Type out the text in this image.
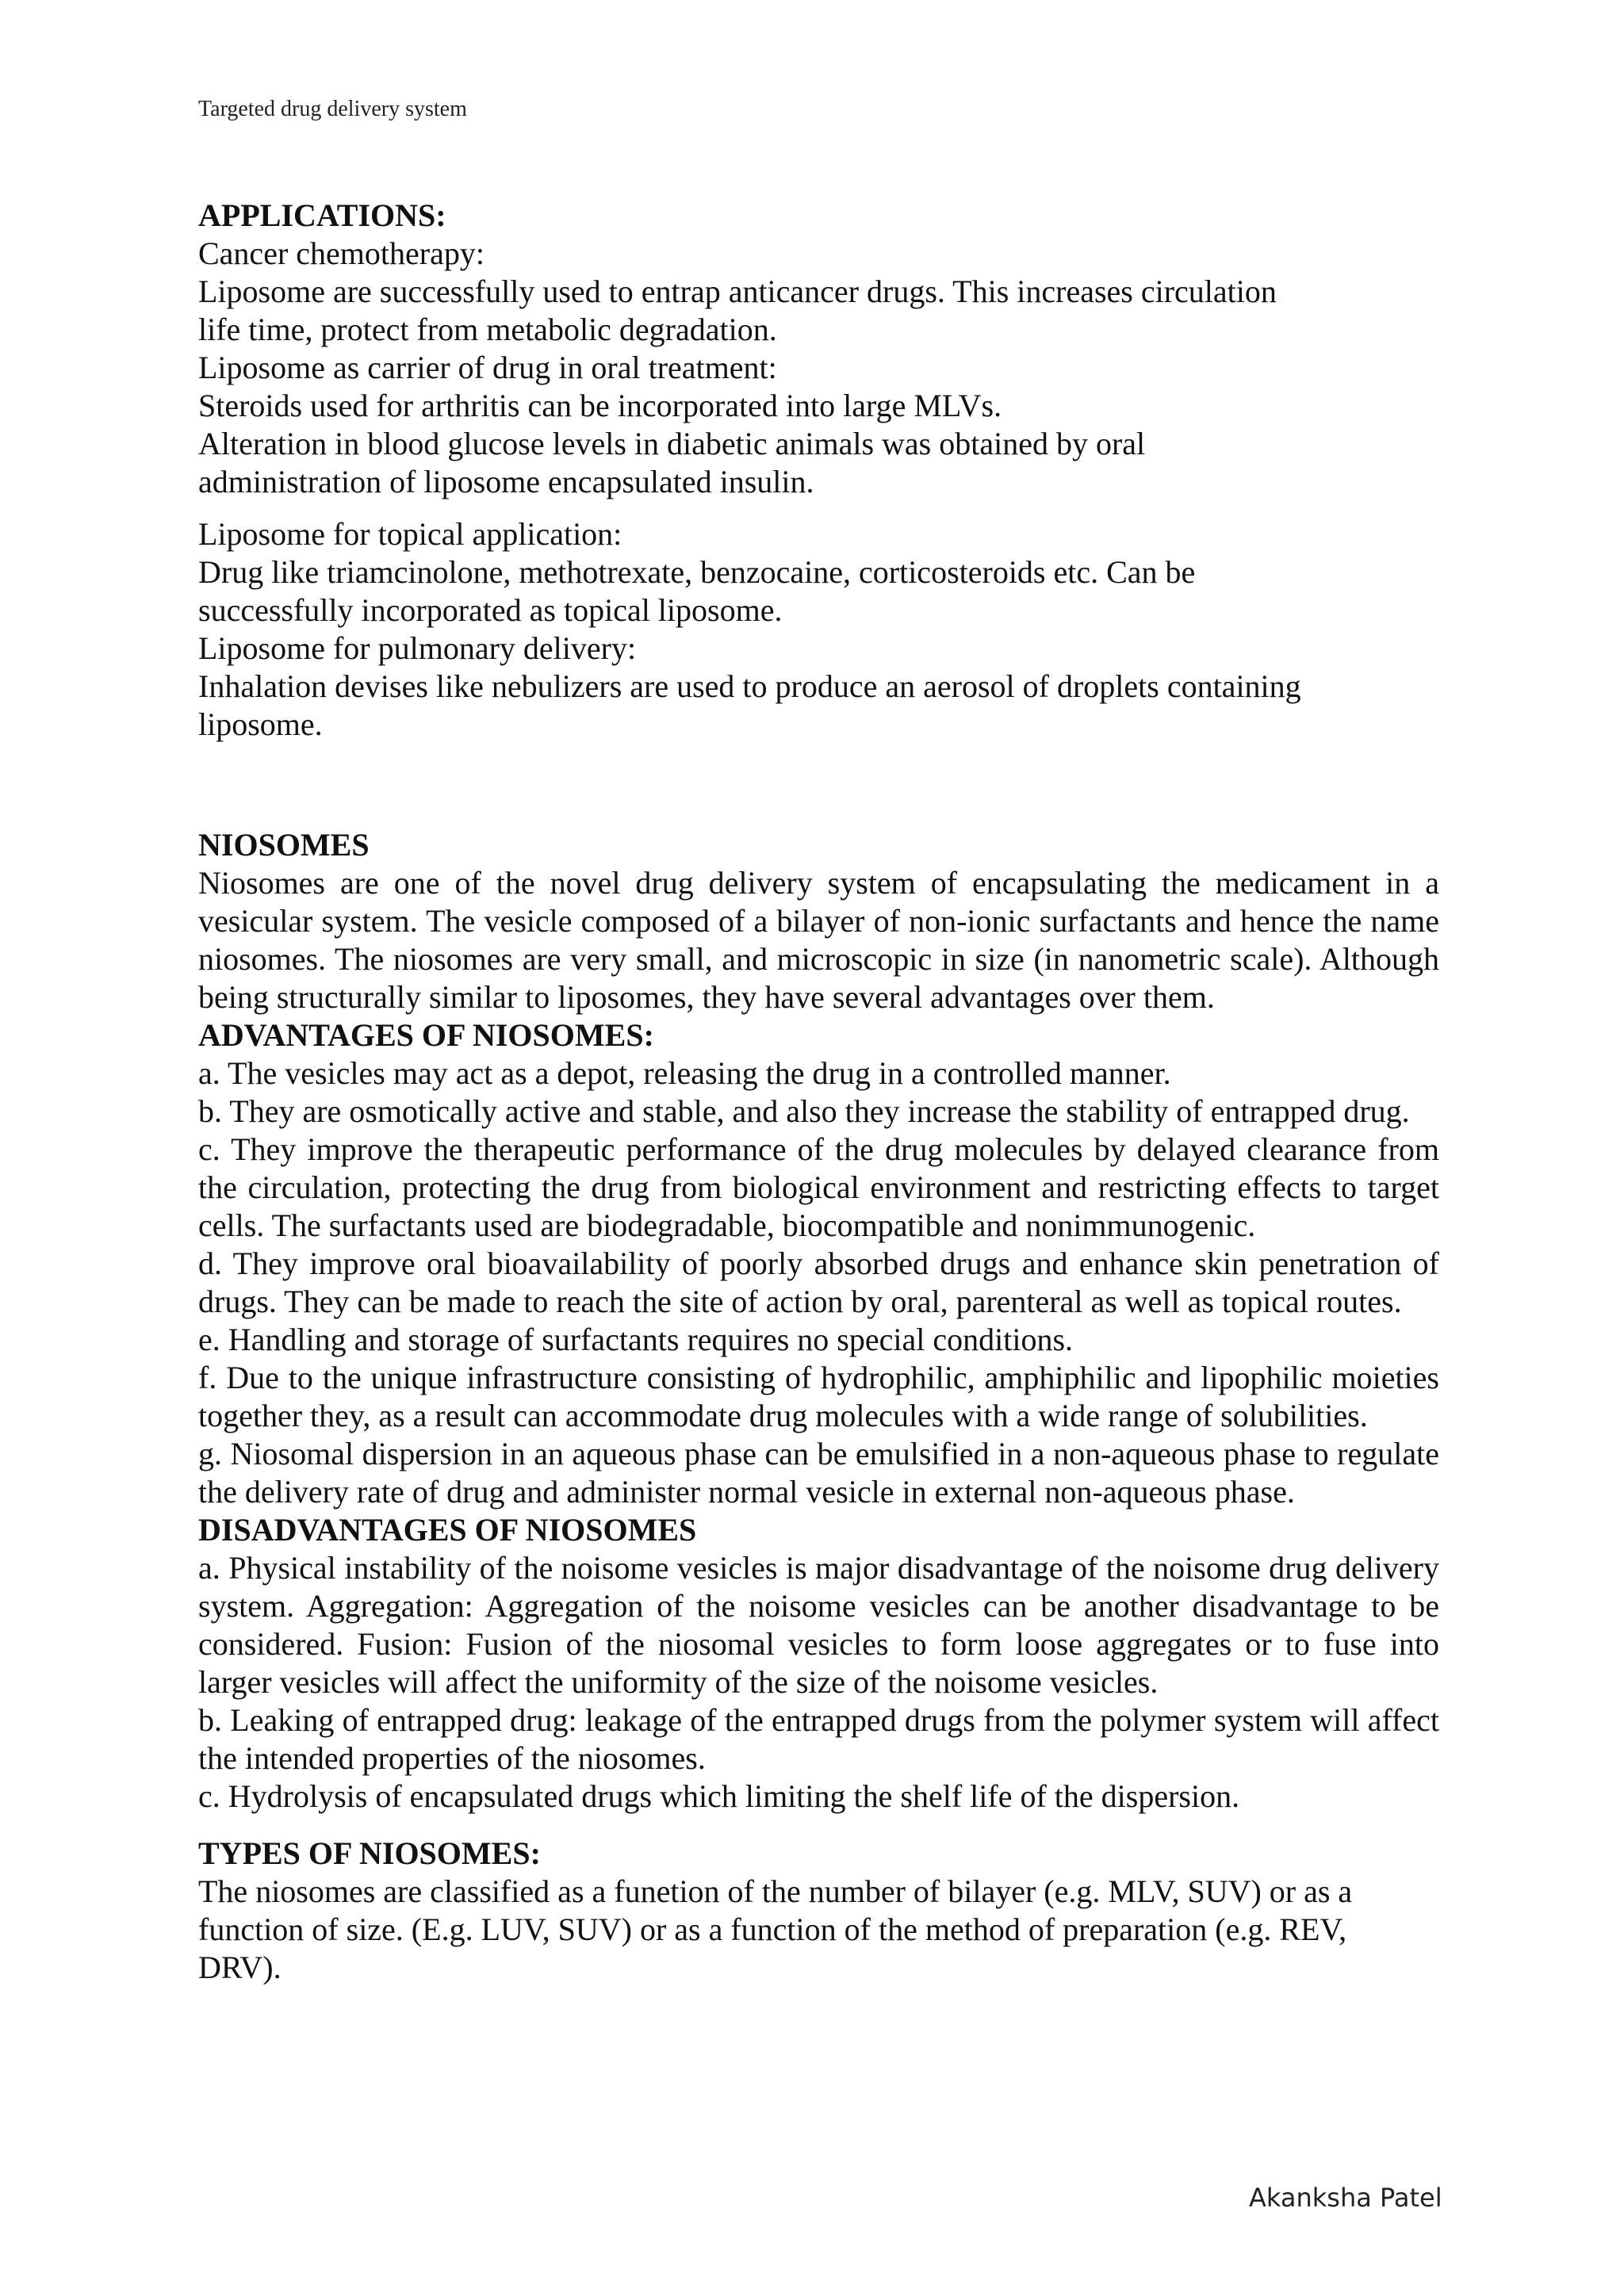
Targeted drug delivery system

APPLICATIONS:

Cancer chemotherapy:

Liposome are successfully used to entrap anticancer drugs. This increases circulation

life time, protect from metabolic degradation.

Liposome as carrier of drug in oral treatment:

Steroids used for arthritis can be incorporated into large MLVs.

Alteration in blood glucose levels in diabetic animals was obtained by oral

administration of liposome encapsulated insulin.

Liposome for topical application:

Drug like triamcinolone, methotrexate, benzocaine, corticosteroids etc. Can be

successfully incorporated as topical liposome.

Liposome for pulmonary delivery:

Inhalation devises like nebulizers are used to produce an aerosol of droplets containing

liposome.

NIOSOMES

Niosomes are one of the novel drug delivery system of encapsulating the medicament in a vesicular system. The vesicle composed of a bilayer of non-ionic surfactants and hence the name niosomes. The niosomes are very small, and microscopic in size (in nanometric scale). Although being structurally similar to liposomes, they have several advantages over them.

ADVANTAGES OF NIOSOMES:

a. The vesicles may act as a depot, releasing the drug in a controlled manner.

b. They are osmotically active and stable, and also they increase the stability of entrapped drug.

c. They improve the therapeutic performance of the drug molecules by delayed clearance from the circulation, protecting the drug from biological environment and restricting effects to target cells. The surfactants used are biodegradable, biocompatible and nonimmunogenic.

d. They improve oral bioavailability of poorly absorbed drugs and enhance skin penetration of drugs. They can be made to reach the site of action by oral, parenteral as well as topical routes.

e. Handling and storage of surfactants requires no special conditions.

f. Due to the unique infrastructure consisting of hydrophilic, amphiphilic and lipophilic moieties together they, as a result can accommodate drug molecules with a wide range of solubilities.

g. Niosomal dispersion in an aqueous phase can be emulsified in a non-aqueous phase to regulate the delivery rate of drug and administer normal vesicle in external non-aqueous phase.

DISADVANTAGES OF NIOSOMES

a. Physical instability of the noisome vesicles is major disadvantage of the noisome drug delivery system. Aggregation: Aggregation of the noisome vesicles can be another disadvantage to be considered. Fusion: Fusion of the niosomal vesicles to form loose aggregates or to fuse into larger vesicles will affect the uniformity of the size of the noisome vesicles.

b. Leaking of entrapped drug: leakage of the entrapped drugs from the polymer system will affect the intended properties of the niosomes.

c. Hydrolysis of encapsulated drugs which limiting the shelf life of the dispersion.

TYPES OF NIOSOMES:

The niosomes are classified as a funetion of the number of bilayer (e.g. MLV, SUV) or as a

function of size. (E.g. LUV, SUV) or as a function of the method of preparation (e.g. REV,

DRV).

Akanksha Patel
